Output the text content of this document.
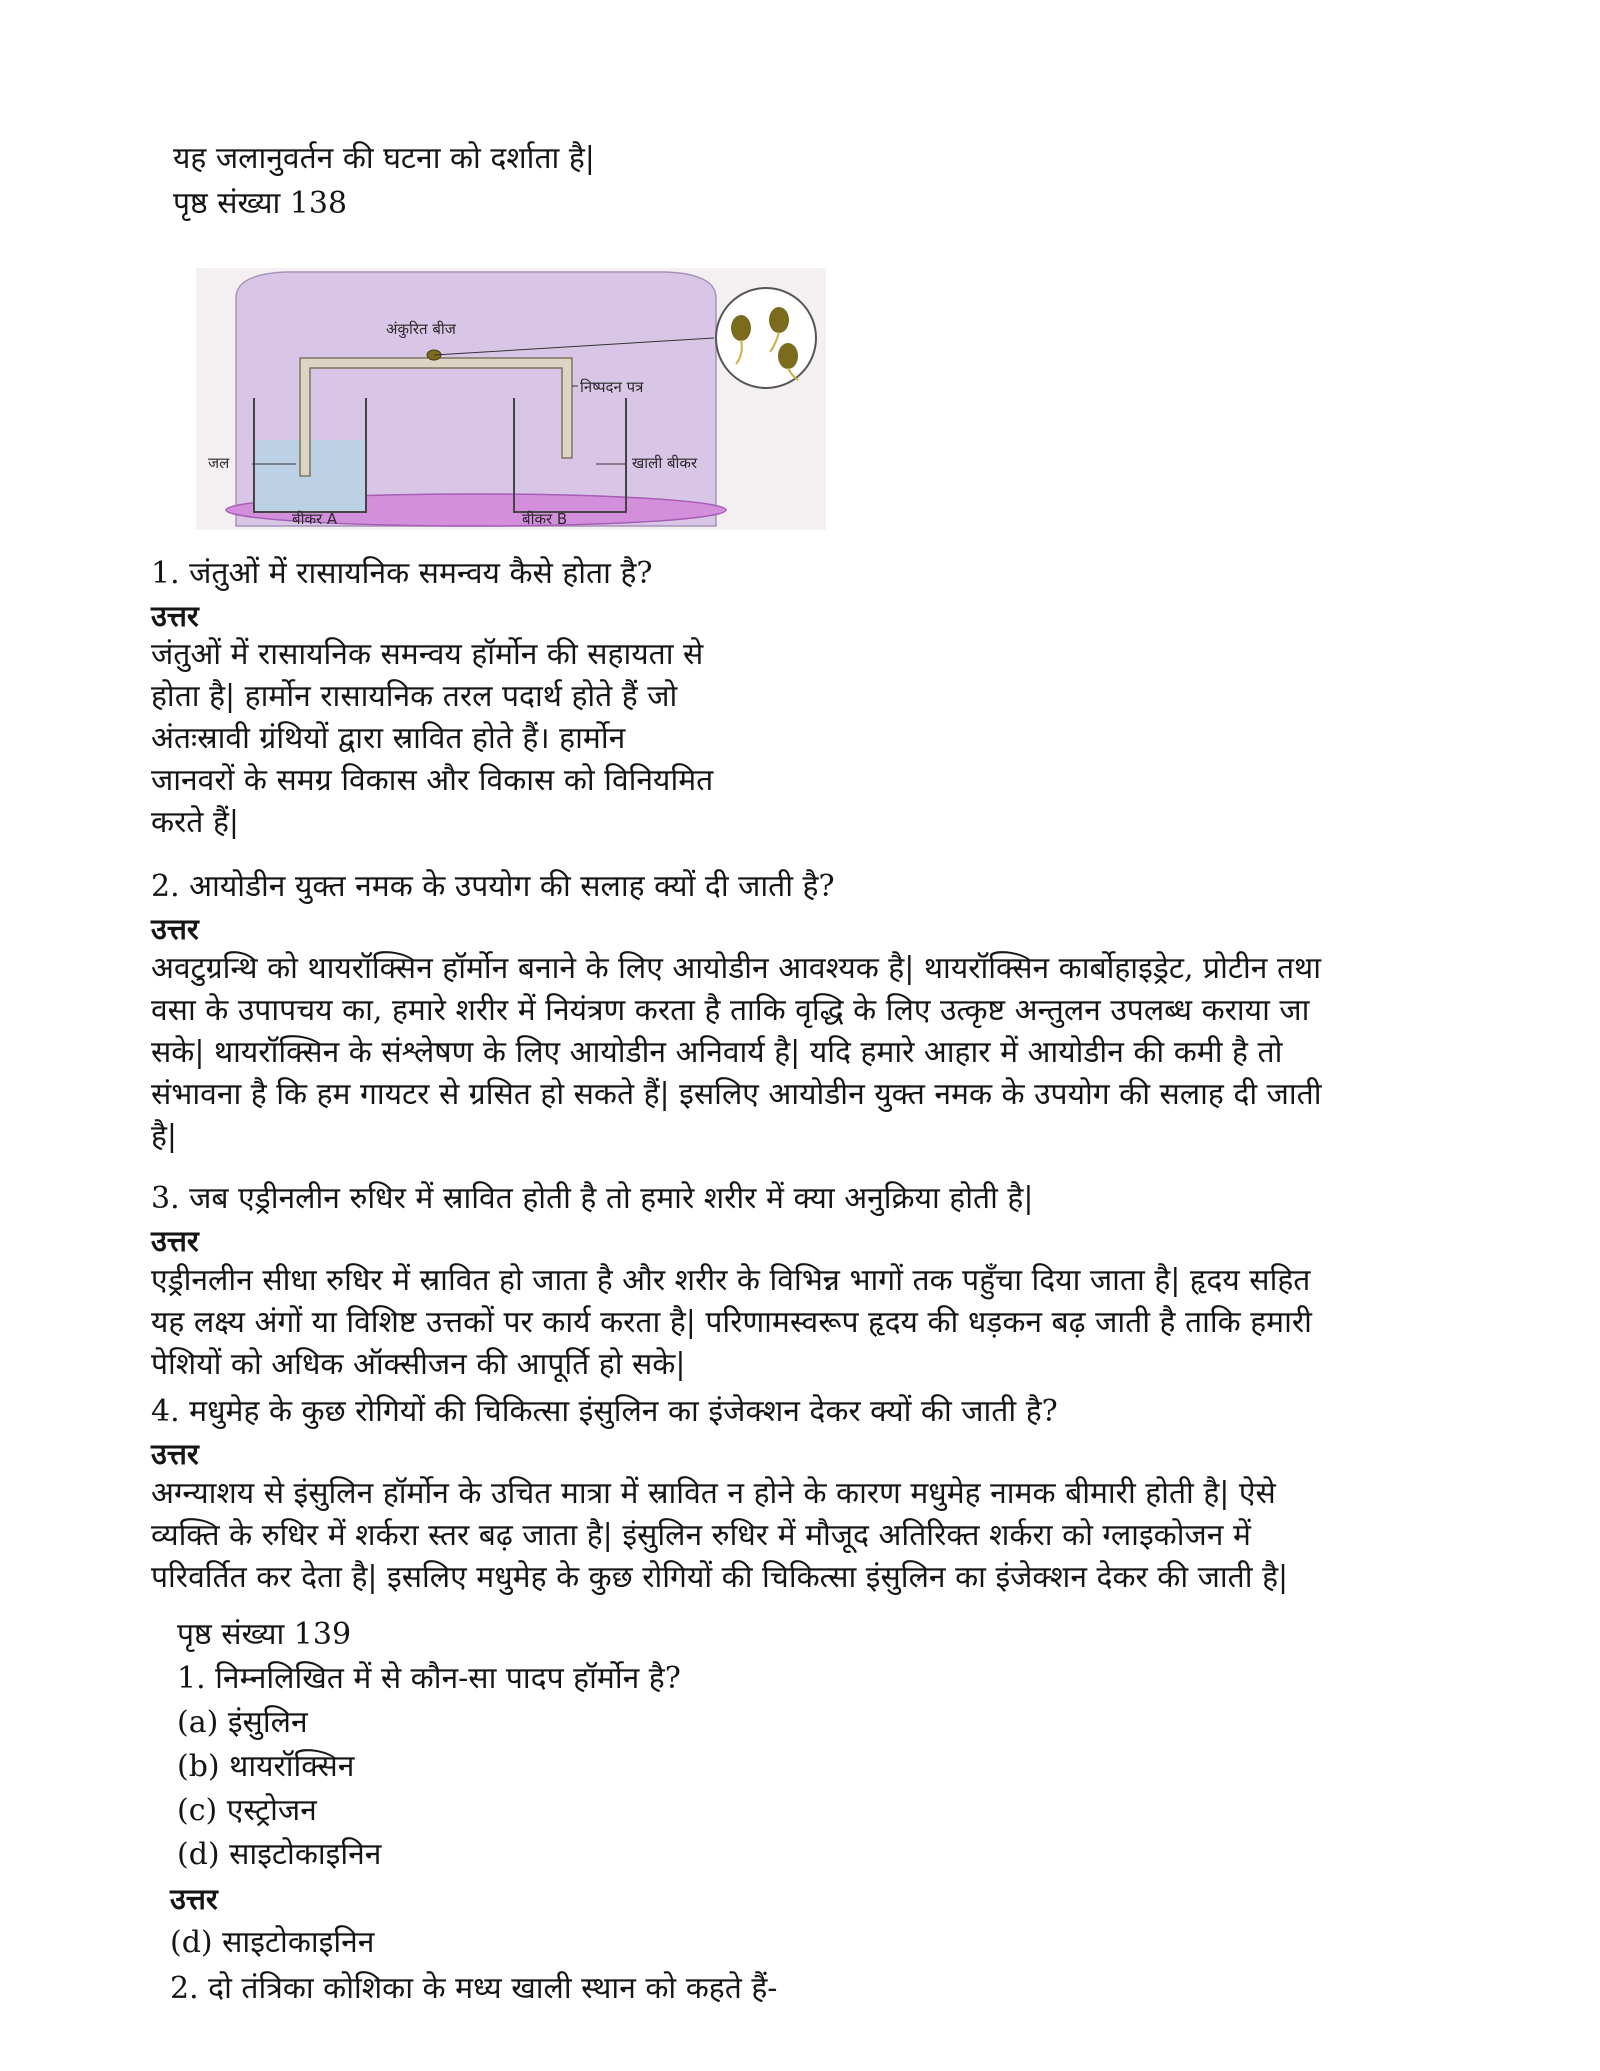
यह जलानुवर्तन की घटना को दर्शाता है|
पृष्ठ संख्या 138
अंकुरित बीज
निष्पदन पत्र
जल	खाली बीकर
बीकर A	बीकर B
1. जंतुओं में रासायनिक समन्वय कैसे होता है?
उत्तर

जंतुओं में रासायनिक समन्वय हॉर्मोन की सहायता से

होता है| हार्मोन रासायनिक तरल पदार्थ होते हैं जो

अंतःस्रावी ग्रंथियों द्वारा स्रावित होते हैं। हार्मोन

जानवरों के समग्र विकास और विकास को विनियमित

करते हैं|

2. आयोडीन युक्त नमक के उपयोग की सलाह क्यों दी जाती है?
उत्तर

अवटुग्रन्थि को थायरॉक्सिन हॉर्मोन बनाने के लिए आयोडीन आवश्यक है| थायरॉक्सिन कार्बोहाइड्रेट, प्रोटीन तथा

वसा के उपापचय का, हमारे शरीर में नियंत्रण करता है ताकि वृद्धि के लिए उत्कृष्ट अन्तुलन उपलब्ध कराया जा

सके| थायरॉक्सिन के संश्लेषण के लिए आयोडीन अनिवार्य है| यदि हमारे आहार में आयोडीन की कमी है तो

संभावना है कि हम गायटर से ग्रसित हो सकते हैं| इसलिए आयोडीन युक्त नमक के उपयोग की सलाह दी जाती

है|

3. जब एड्रीनलीन रुधिर में स्रावित होती है तो हमारे शरीर में क्या अनुक्रिया होती है|
उत्तर

एड्रीनलीन सीधा रुधिर में स्रावित हो जाता है और शरीर के विभिन्न भागों तक पहुँचा दिया जाता है| हृदय सहित

यह लक्ष्य अंगों या विशिष्ट उत्तकों पर कार्य करता है| परिणामस्वरूप हृदय की धड़कन बढ़ जाती है ताकि हमारी

पेशियों को अधिक ऑक्सीजन की आपूर्ति हो सके|

4. मधुमेह के कुछ रोगियों की चिकित्सा इंसुलिन का इंजेक्शन देकर क्यों की जाती है?
उत्तर

अग्न्याशय से इंसुलिन हॉर्मोन के उचित मात्रा में स्रावित न होने के कारण मधुमेह नामक बीमारी होती है| ऐसे

व्यक्ति के रुधिर में शर्करा स्तर बढ़ जाता है| इंसुलिन रुधिर में मौजूद अतिरिक्त शर्करा को ग्लाइकोजन में

परिवर्तित कर देता है| इसलिए मधुमेह के कुछ रोगियों की चिकित्सा इंसुलिन का इंजेक्शन देकर की जाती है|

पृष्ठ संख्या 139
1. निम्नलिखित में से कौन-सा पादप हॉर्मोन है?
(a) इंसुलिन
(b) थायरॉक्सिन
(c) एस्ट्रोजन
(d) साइटोकाइनिन
उत्तर
(d) साइटोकाइनिन
2. दो तंत्रिका कोशिका के मध्य खाली स्थान को कहते हैं-
